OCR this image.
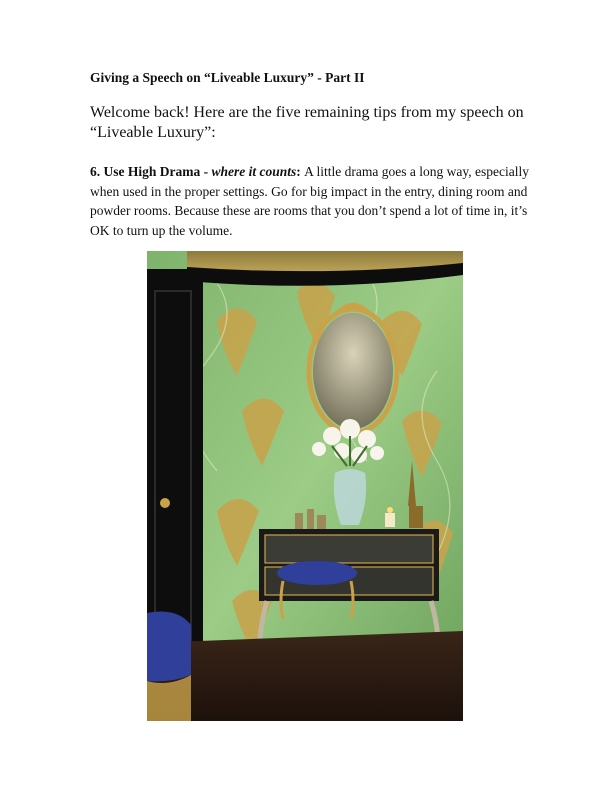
Giving a Speech on “Liveable Luxury” - Part II

Welcome back! Here are the five remaining tips from my speech on “Liveable Luxury”:

6. Use High Drama - where it counts: A little drama goes a long way, especially when used in the proper settings. Go for big impact in the entry, dining room and powder rooms. Because these are rooms that you don’t spend a lot of time in, it’s OK to turn up the volume.
